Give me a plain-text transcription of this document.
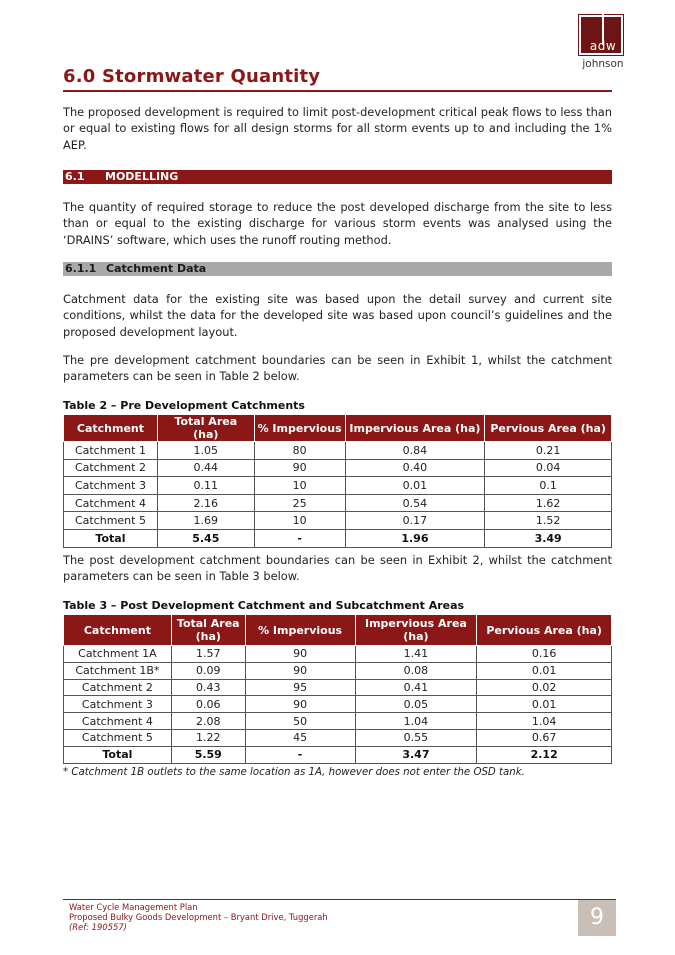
adw
johnson
6.0 Stormwater Quantity

The proposed development is required to limit post-development critical peak flows to less than or equal to existing flows for all design storms for all storm events up to and including the 1% AEP.

6.1 MODELLING

The quantity of required storage to reduce the post developed discharge from the site to less than or equal to the existing discharge for various storm events was analysed using the ‘DRAINS’ software, which uses the runoff routing method.

6.1.1 Catchment Data

Catchment data for the existing site was based upon the detail survey and current site conditions, whilst the data for the developed site was based upon council’s guidelines and the proposed development layout.

The pre development catchment boundaries can be seen in Exhibit 1, whilst the catchment parameters can be seen in Table 2 below.

Table 2 – Pre Development Catchments
Catchment	Total Area (ha)	% Impervious	Impervious Area (ha)	Pervious Area (ha)
Catchment 1	1.05	80	0.84	0.21
Catchment 2	0.44	90	0.40	0.04
Catchment 3	0.11	10	0.01	0.1
Catchment 4	2.16	25	0.54	1.62
Catchment 5	1.69	10	0.17	1.52
Total	5.45	-	1.96	3.49

The post development catchment boundaries can be seen in Exhibit 2, whilst the catchment parameters can be seen in Table 3 below.

Table 3 – Post Development Catchment and Subcatchment Areas
Catchment	Total Area (ha)	% Impervious	Impervious Area (ha)	Pervious Area (ha)
Catchment 1A	1.57	90	1.41	0.16
Catchment 1B*	0.09	90	0.08	0.01
Catchment 2	0.43	95	0.41	0.02
Catchment 3	0.06	90	0.05	0.01
Catchment 4	2.08	50	1.04	1.04
Catchment 5	1.22	45	0.55	0.67
Total	5.59	-	3.47	2.12
* Catchment 1B outlets to the same location as 1A, however does not enter the OSD tank.
Water Cycle Management Plan
Proposed Bulky Goods Development – Bryant Drive, Tuggerah
(Ref: 190557)	9
